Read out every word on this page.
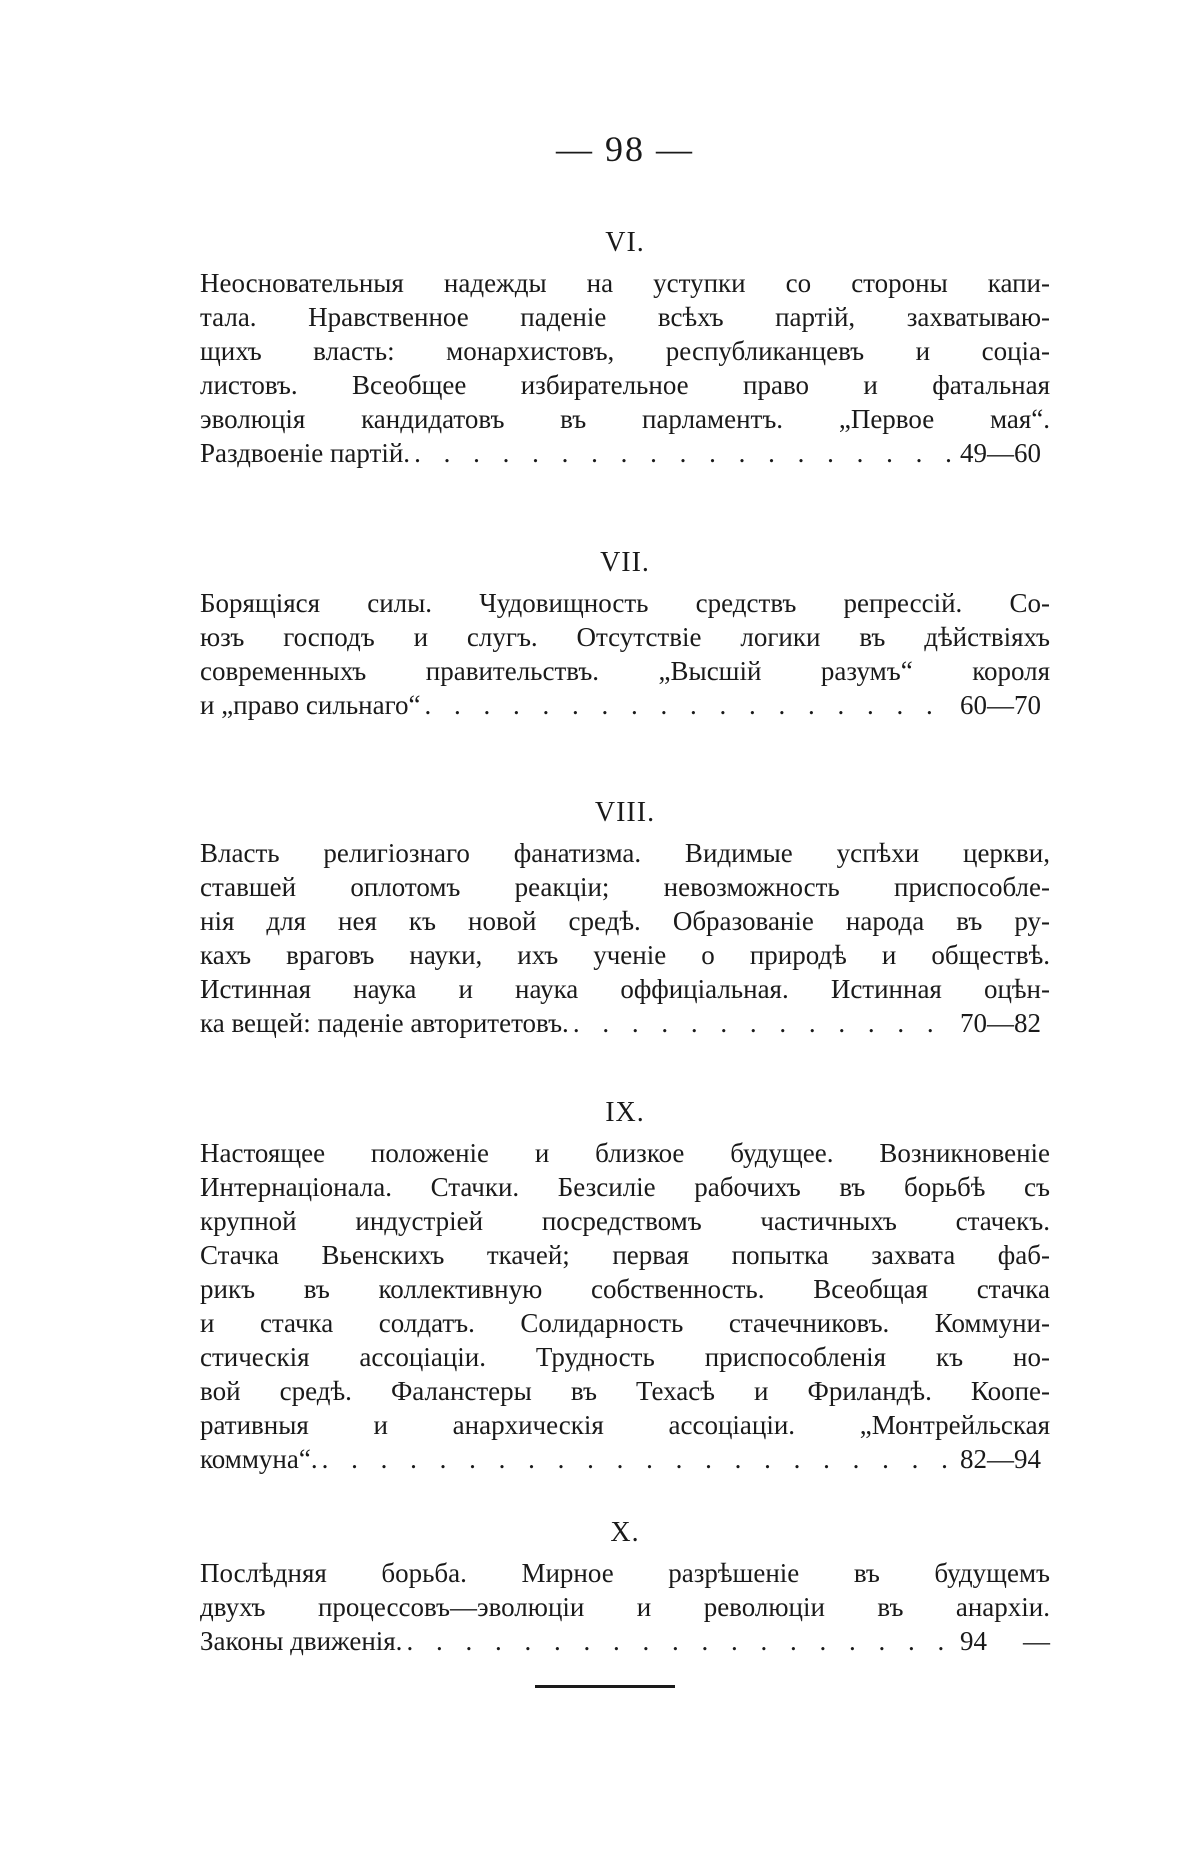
— 98 —
VI.
Неосновательныя надежды на уступки со стороны капи-
тала. Нравственное паденіе всѣхъ партій, захватываю-
щихъ власть: монархистовъ, республиканцевъ и соціа-
листовъ. Всеобщее избирательное право и фатальная
эволюція кандидатовъ въ парламентъ. „Первое мая“.
Раздвоеніе партій. . . .	49—60
VII.
Борящіяся силы. Чудовищность средствъ репрессій. Со-
юзъ господъ и слугъ. Отсутствіе логики въ дѣйствіяхъ
современныхъ правительствъ. „Высшій разумъ“ короля
и „право сильнаго“ . . .	60—70
VIII.
Власть религіознаго фанатизма. Видимые успѣхи церкви,
ставшей оплотомъ реакціи; невозможность приспособле-
нія для нея къ новой средѣ. Образованіе народа въ ру-
кахъ враговъ науки, ихъ ученіе о природѣ и обществѣ.
Истинная наука и наука оффиціальная. Истинная оцѣн-
ка вещей: паденіе авторитетовъ. . . .	70—82
IX.
Настоящее положеніе и близкое будущее. Возникновеніе
Интернаціонала. Стачки. Безсиліе рабочихъ въ борьбѣ съ
крупной индустріей посредствомъ частичныхъ стачекъ.
Стачка Вьенскихъ ткачей; первая попытка захвата фаб-
рикъ въ коллективную собственность. Всеобщая стачка
и стачка солдатъ. Солидарность стачечниковъ. Коммуни-
стическія ассоціаціи. Трудность приспособленія къ но-
вой средѣ. Фаланстеры въ Техасѣ и Фриландѣ. Коопе-
ративныя и анархическія ассоціаціи. „Монтрейльская
коммуна“. . . .	82—94
X.
Послѣдняя борьба. Мирное разрѣшеніе въ будущемъ
двухъ процессовъ—эволюціи и революціи въ анархіи.
Законы движенія. . . .	94 —
